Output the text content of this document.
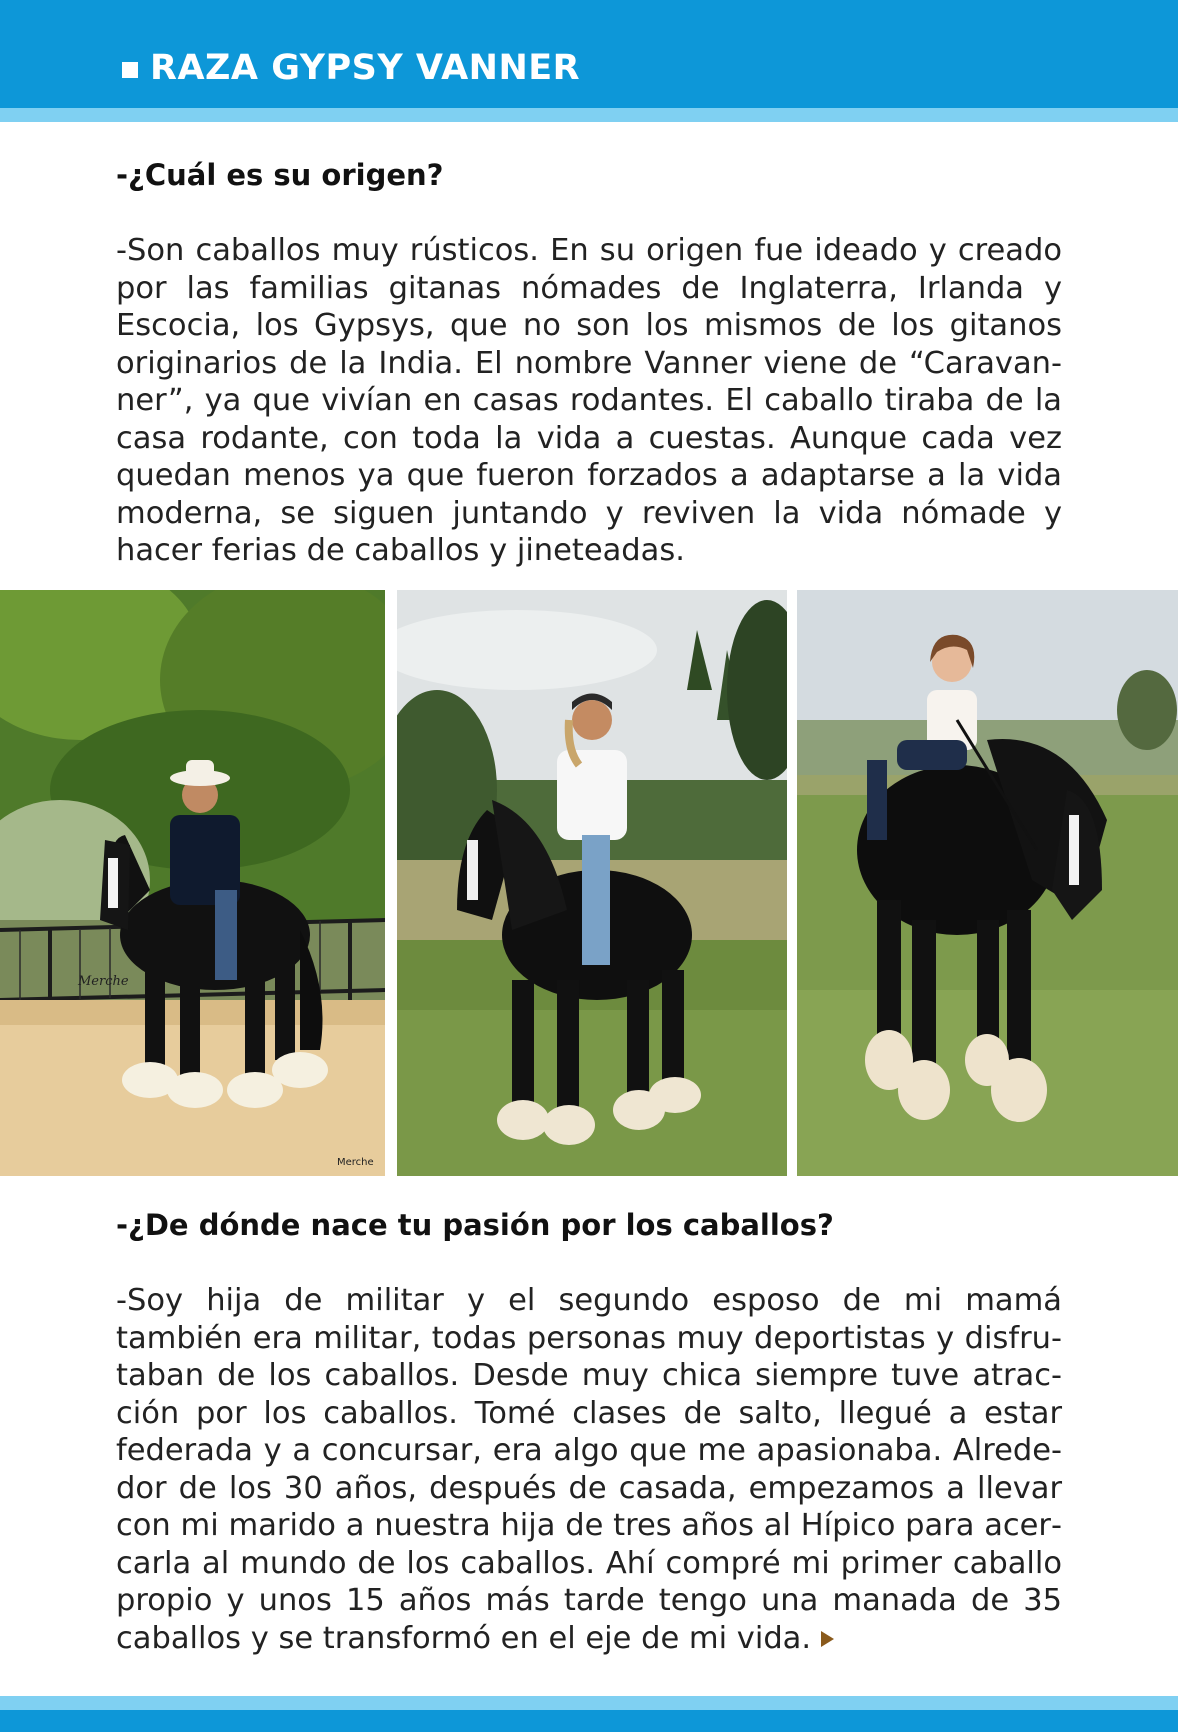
RAZA GYPSY VANNER
-¿Cuál es su origen?
-Son caballos muy rústicos. En su origen fue ideado y creado por las familias gitanas nómades de Inglaterra, Irlanda y Escocia, los Gypsys, que no son los mismos de los gitanos originarios de la India. El nombre Vanner viene de “Caravanner”, ya que vivían en casas rodantes. El caballo tiraba de la casa rodante, con toda la vida a cuestas. Aunque cada vez quedan menos ya que fueron forzados a adaptarse a la vida moderna, se siguen juntando y reviven la vida nómade y hacer ferias de caballos y jineteadas.
Merche
Merche
-¿De dónde nace tu pasión por los caballos?
-Soy hija de militar y el segundo esposo de mi mamá también era militar, todas personas muy deportistas y disfrutaban de los caballos. Desde muy chica siempre tuve atracción por los caballos. Tomé clases de salto, llegué a estar federada y a concursar, era algo que me apasionaba. Alrededor de los 30 años, después de casada, empezamos a llevar con mi marido a nuestra hija de tres años al Hípico para acercarla al mundo de los caballos. Ahí compré mi primer caballo propio y unos 15 años más tarde tengo una manada de 35 caballos y se transformó en el eje de mi vida.
